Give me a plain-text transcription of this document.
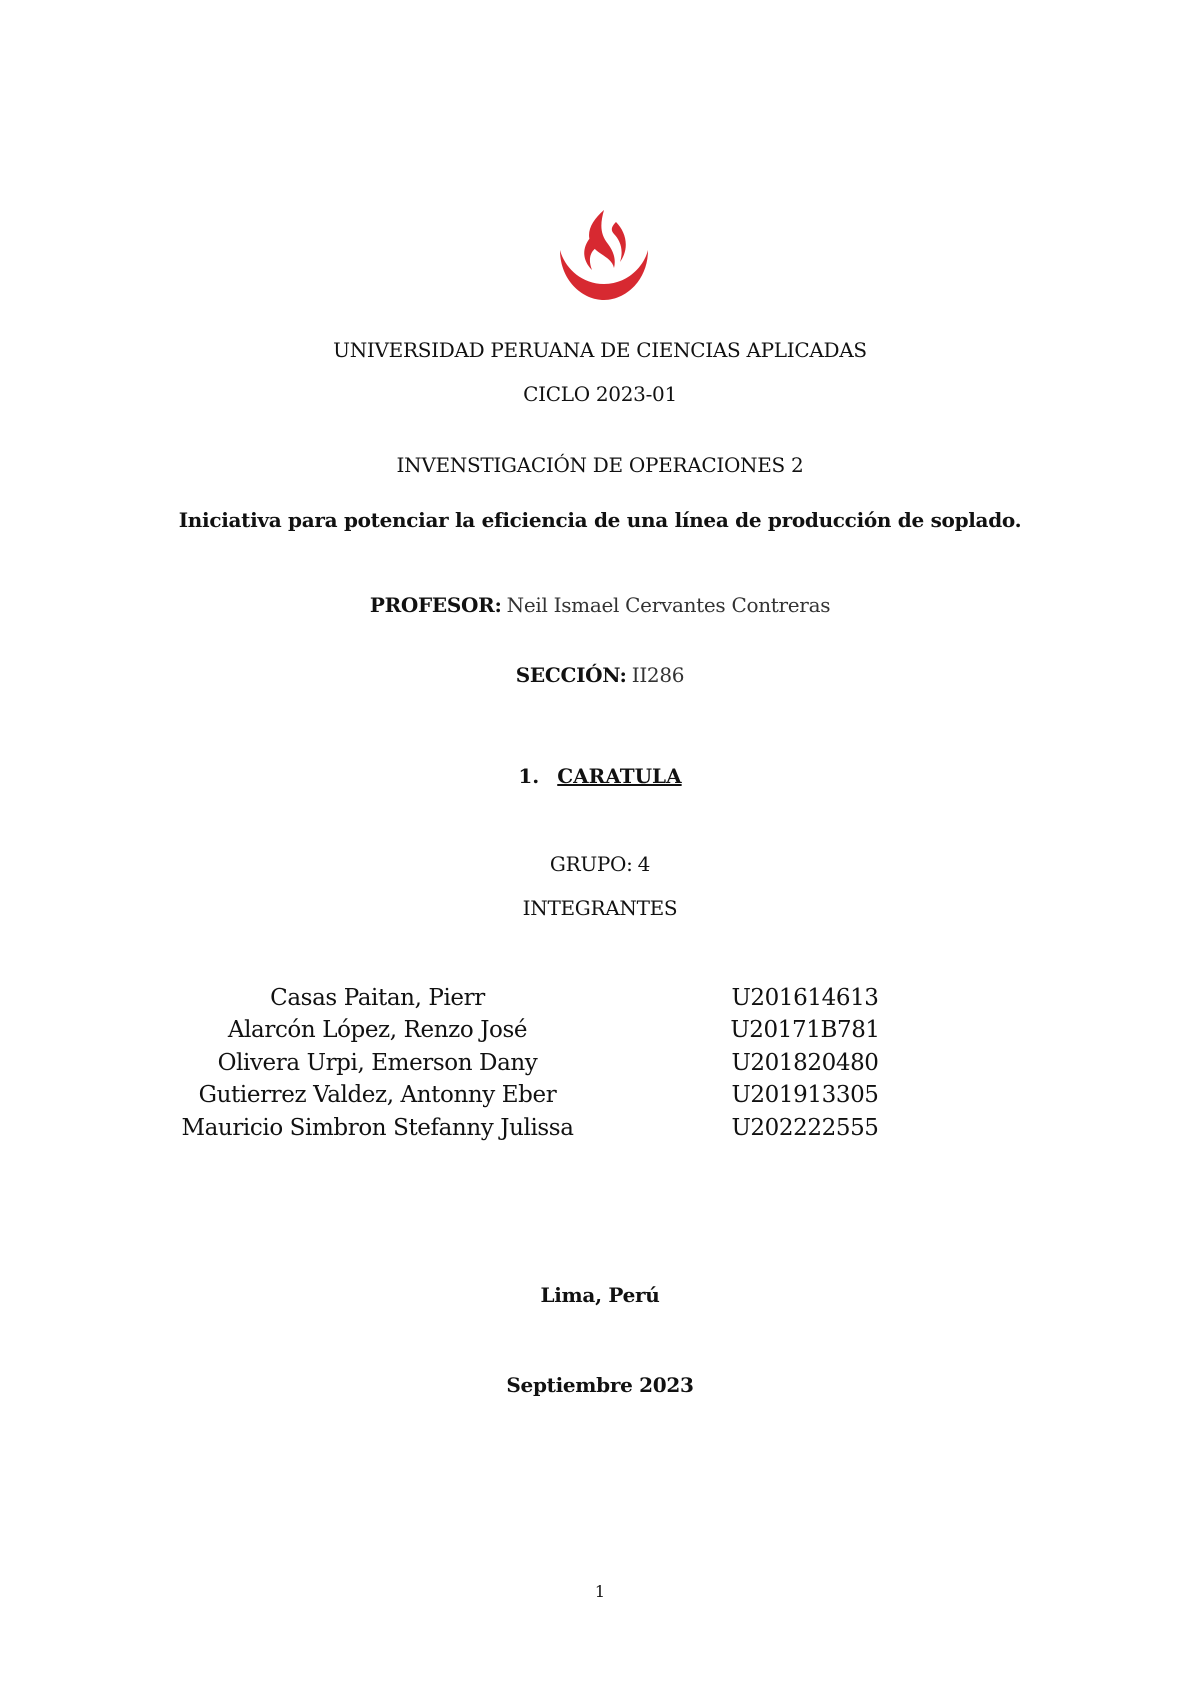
UNIVERSIDAD PERUANA DE CIENCIAS APLICADAS
CICLO 2023-01
INVENSTIGACIÓN DE OPERACIONES 2
Iniciativa para potenciar la eficiencia de una línea de producción de soplado.
PROFESOR: Neil Ismael Cervantes Contreras
SECCIÓN: II286
1. CARATULA
GRUPO: 4
INTEGRANTES
Casas Paitan, Pierr	U201614613
Alarcón López, Renzo José	U20171B781
Olivera Urpi, Emerson Dany	U201820480
Gutierrez Valdez, Antonny Eber	U201913305
Mauricio Simbron Stefanny Julissa	U202222555
Lima, Perú
Septiembre 2023
1
